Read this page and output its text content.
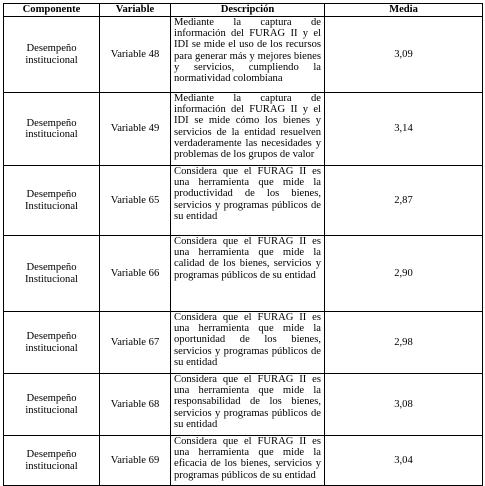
Componente	Variable	Descripción	Media
Desempeño institucional	Variable 48	Mediante la captura de información del FURAG II y el IDI se mide el uso de los recursos para generar más y mejores bienes y servicios, cumpliendo la normatividad colombiana	3,09
Desempeño institucional	Variable 49	Mediante la captura de información del FURAG II y el IDI se mide cómo los bienes y servicios de la entidad resuelven verdaderamente las necesidades y problemas de los grupos de valor	3,14
Desempeño Institucional	Variable 65	Considera que el FURAG II es una herramienta que mide la productividad de los bienes, servicios y programas públicos de su entidad	2,87
Desempeño Institucional	Variable 66	Considera que el FURAG II es una herramienta que mide la calidad de los bienes, servicios y programas públicos de su entidad	2,90
Desempeño institucional	Variable 67	Considera que el FURAG II es una herramienta que mide la oportunidad de los bienes, servicios y programas públicos de su entidad	2,98
Desempeño institucional	Variable 68	Considera que el FURAG II es una herramienta que mide la responsabilidad de los bienes, servicios y programas públicos de su entidad	3,08
Desempeño institucional	Variable 69	Considera que el FURAG II es una herramienta que mide la eficacia de los bienes, servicios y programas públicos de su entidad	3,04
